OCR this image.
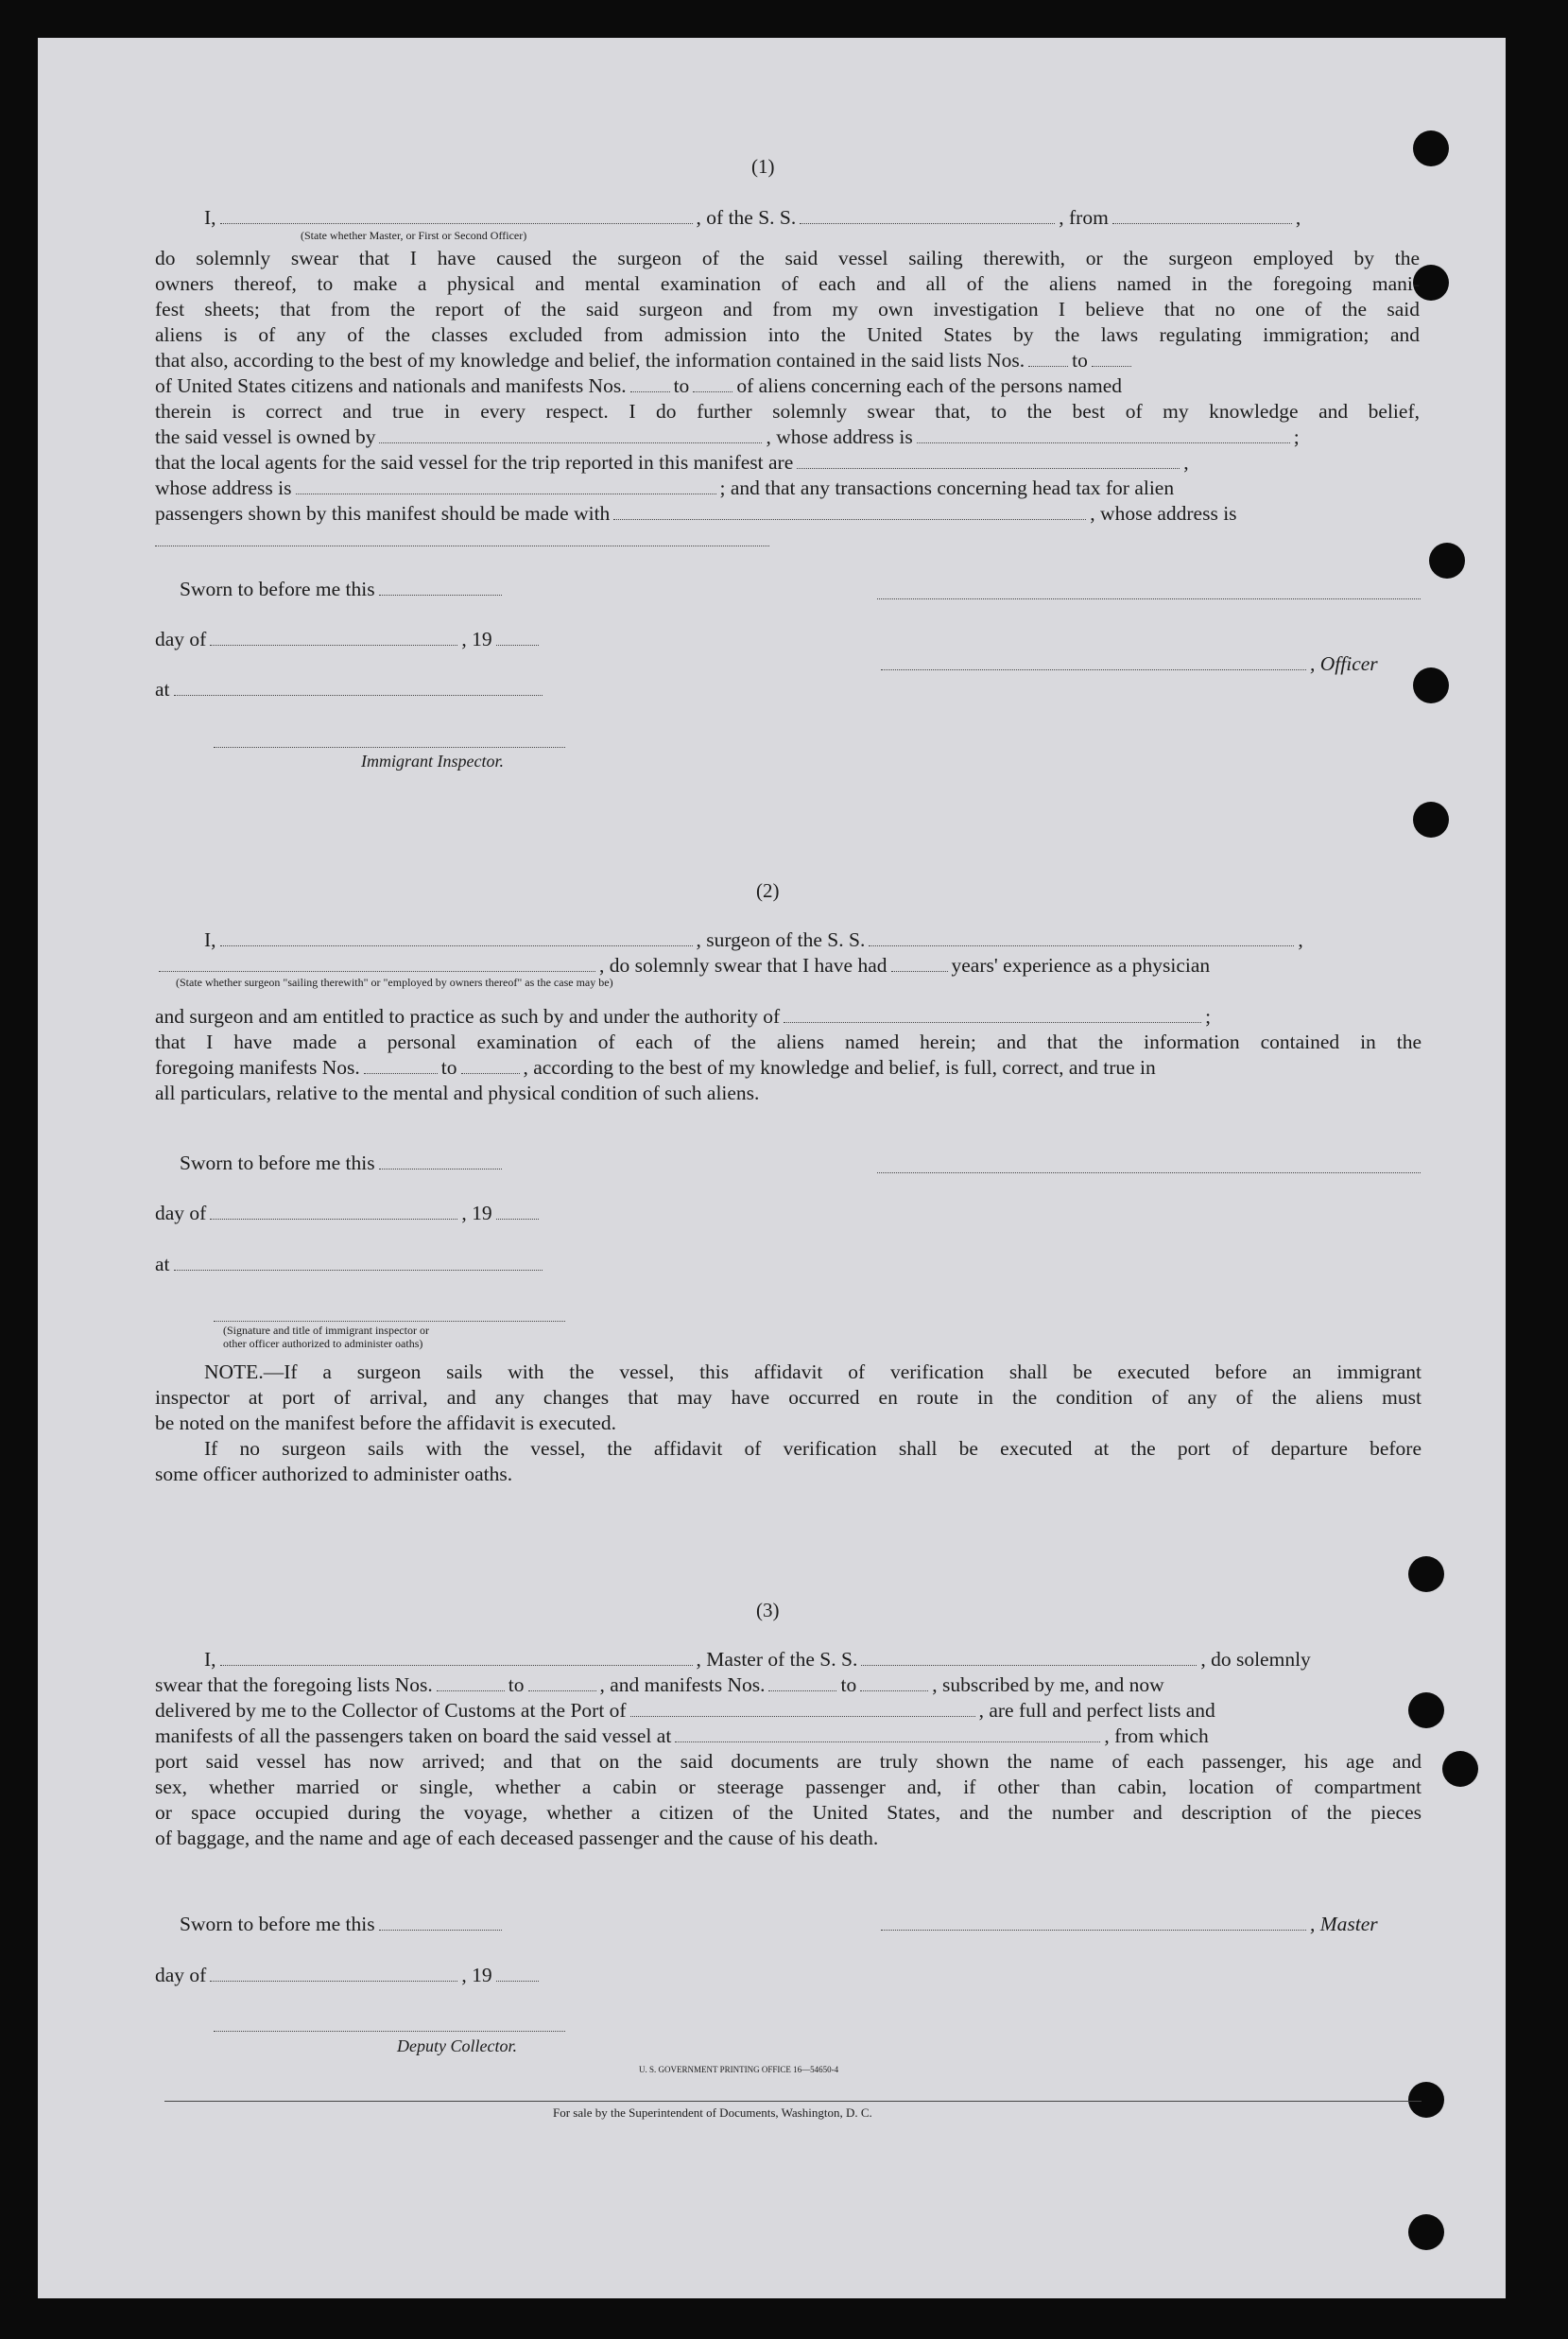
(1)
I,	, of the S. S.	, from	,
(State whether Master, or First or Second Officer)
do solemnly swear that I have caused the surgeon of the said vessel sailing therewith, or the surgeon employed by the
owners thereof, to make a physical and mental examination of each and all of the aliens named in the foregoing mani-
fest sheets; that from the report of the said surgeon and from my own investigation I believe that no one of the said
aliens is of any of the classes excluded from admission into the United States by the laws regulating immigration; and
that also, according to the best of my knowledge and belief, the information contained in the said lists Nos. to
of United States citizens and nationals and manifests Nos. to of aliens concerning each of the persons named
therein is correct and true in every respect. I do further solemnly swear that, to the best of my knowledge and belief,
the said vessel is owned by	, whose address is	;
that the local agents for the said vessel for the trip reported in this manifest are	,
whose address is	; and that any transactions concerning head tax for alien
passengers shown by this manifest should be made with	, whose address is
Sworn to before me this
day of	, 19
, Officer
at
Immigrant Inspector.
(2)
I,	, surgeon of the S. S.	,
, do solemnly swear that I have had	years' experience as a physician
(State whether surgeon "sailing therewith" or "employed by owners thereof" as the case may be)
and surgeon and am entitled to practice as such by and under the authority of	;
that I have made a personal examination of each of the aliens named herein; and that the information contained in the
foregoing manifests Nos.	to	, according to the best of my knowledge and belief, is full, correct, and true in
all particulars, relative to the mental and physical condition of such aliens.
Sworn to before me this
day of	, 19
at
(Signature and title of immigrant inspector or
other officer authorized to administer oaths)
NOTE.—If a surgeon sails with the vessel, this affidavit of verification shall be executed before an immigrant
inspector at port of arrival, and any changes that may have occurred en route in the condition of any of the aliens must
be noted on the manifest before the affidavit is executed.
If no surgeon sails with the vessel, the affidavit of verification shall be executed at the port of departure before
some officer authorized to administer oaths.
(3)
I,	, Master of the S. S.	, do solemnly
swear that the foregoing lists Nos.	to	, and manifests Nos.	to	, subscribed by me, and now
delivered by me to the Collector of Customs at the Port of	, are full and perfect lists and
manifests of all the passengers taken on board the said vessel at	, from which
port said vessel has now arrived; and that on the said documents are truly shown the name of each passenger, his age and
sex, whether married or single, whether a cabin or steerage passenger and, if other than cabin, location of compartment
or space occupied during the voyage, whether a citizen of the United States, and the number and description of the pieces
of baggage, and the name and age of each deceased passenger and the cause of his death.
Sworn to before me this	, Master
day of	, 19
Deputy Collector.
U. S. GOVERNMENT PRINTING OFFICE 16—54650-4
For sale by the Superintendent of Documents, Washington, D. C.
